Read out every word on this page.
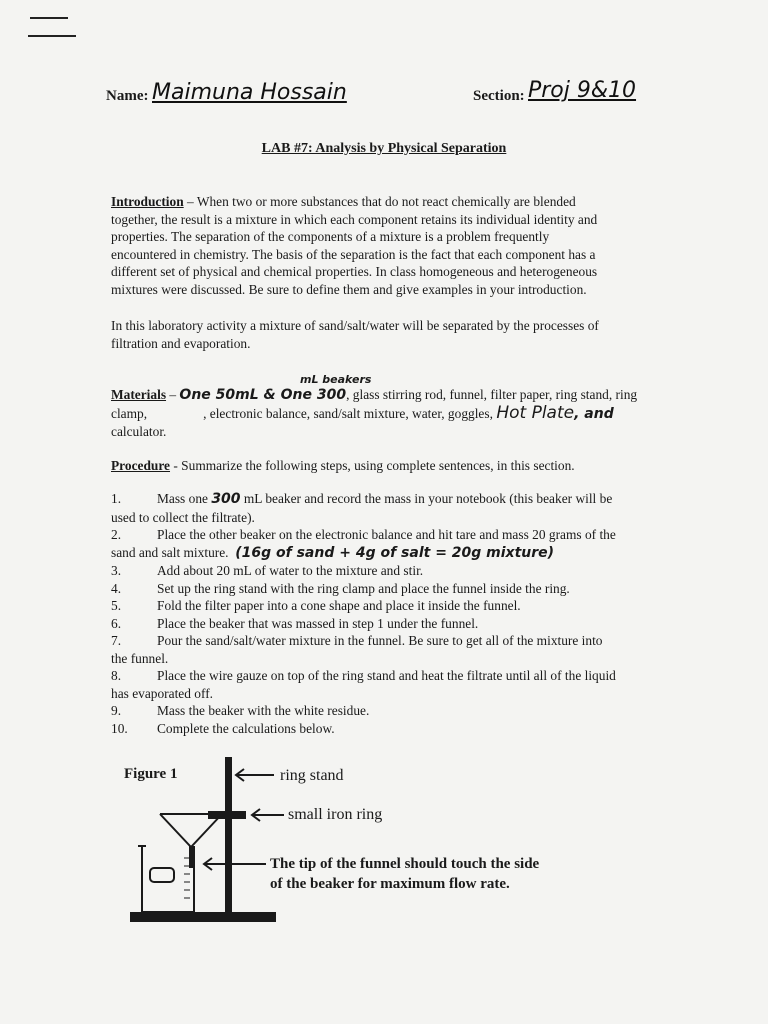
Name: Maimuna Hossain	Section: Proj 9&10
LAB #7: Analysis by Physical Separation
Introduction – When two or more substances that do not react chemically are blended
together, the result is a mixture in which each component retains its individual identity and
properties. The separation of the components of a mixture is a problem frequently
encountered in chemistry. The basis of the separation is the fact that each component has a
different set of physical and chemical properties. In class homogeneous and heterogeneous
mixtures were discussed. Be sure to define them and give examples in your introduction.
In this laboratory activity a mixture of sand/salt/water will be separated by the processes of
filtration and evaporation.
mL beakers
Materials – One 50mL & One 300, glass stirring rod, funnel, filter paper, ring stand, ring
clamp,	, electronic balance, sand/salt mixture, water, goggles, Hot Plate, and
calculator.
Procedure - Summarize the following steps, using complete sentences, in this section.
1.	Mass one 300 mL beaker and record the mass in your notebook (this beaker will be
used to collect the filtrate).
2.	Place the other beaker on the electronic balance and hit tare and mass 20 grams of the
sand and salt mixture. (16g of sand + 4g of salt = 20g mixture)
3.	Add about 20 mL of water to the mixture and stir.
4.	Set up the ring stand with the ring clamp and place the funnel inside the ring.
5.	Fold the filter paper into a cone shape and place it inside the funnel.
6.	Place the beaker that was massed in step 1 under the funnel.
7.	Pour the sand/salt/water mixture in the funnel. Be sure to get all of the mixture into
the funnel.
8.	Place the wire gauze on top of the ring stand and heat the filtrate until all of the liquid
has evaporated off.
9.	Mass the beaker with the white residue.
10. Complete the calculations below.
Figure 1	ring stand
small iron ring
The tip of the funnel should touch the side
of the beaker for maximum flow rate.
